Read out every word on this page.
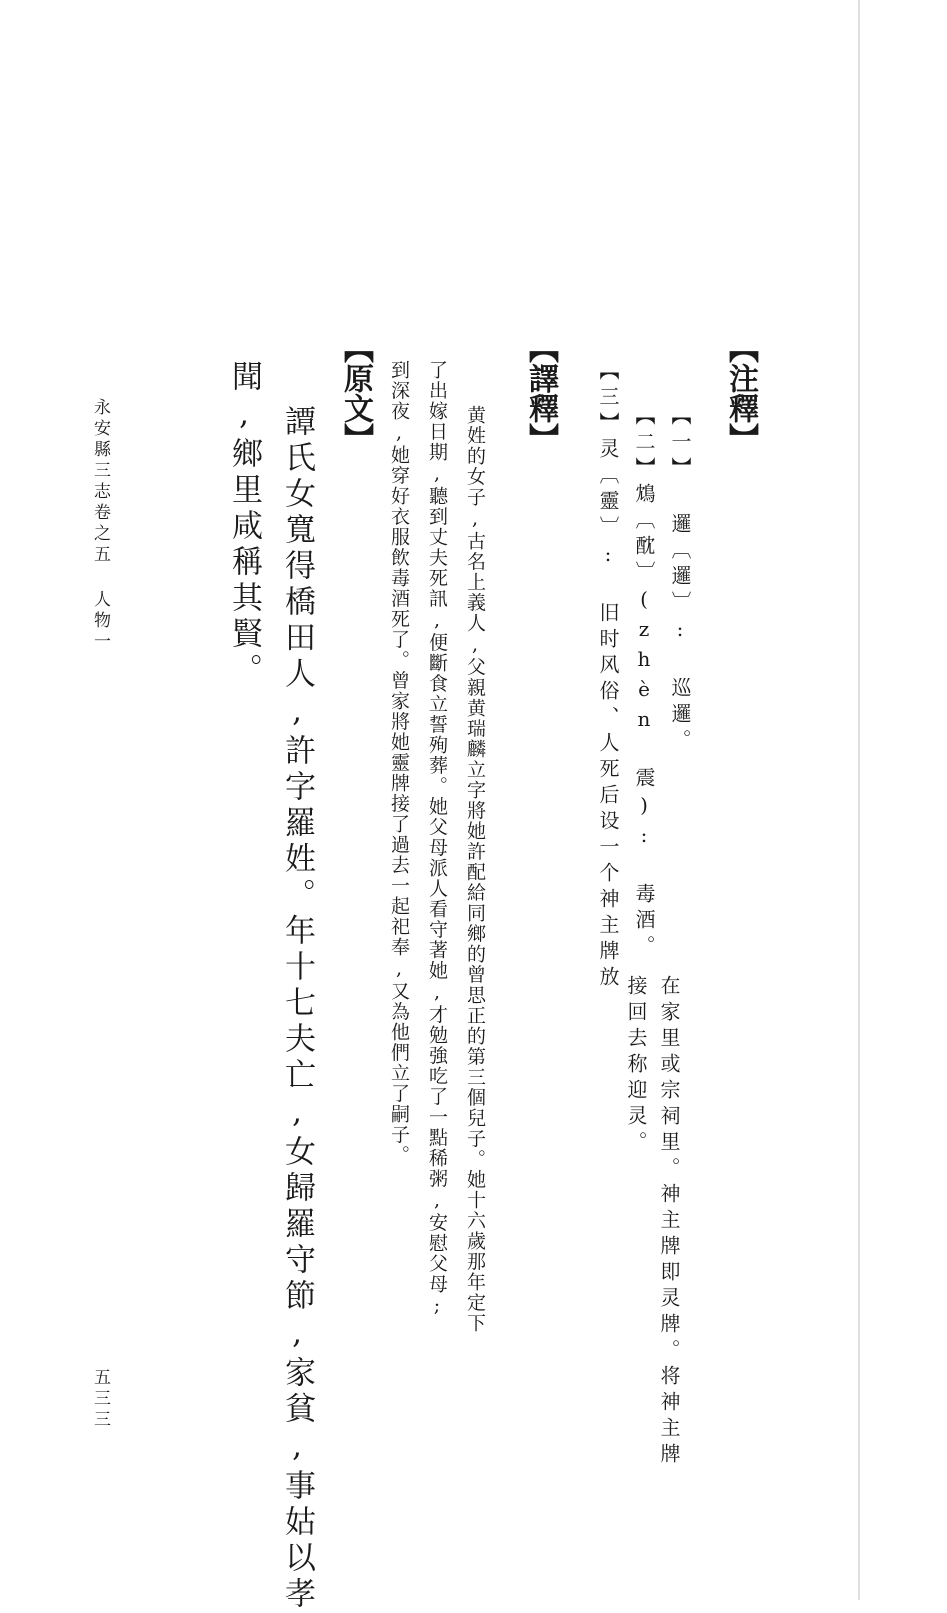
【注釋】
【一】 邏〔邏〕: 巡邏。
【二】鴆〔酖〕(zhèn 震): 毒酒。
【三】灵〔靈〕: 旧时风俗、人死后设一个神主牌放
在家里或宗祠里。神主牌即灵牌。将神主牌
接回去称迎灵。
【譯釋】
黄姓的女子,古名上義人,父親黄瑞麟立字將她許配給同鄉的曾思正的第三個兒子。她十六歲那年定下
了出嫁日期,聽到丈夫死訊,便斷食立誓殉葬。她父母派人看守著她,才勉強吃了一點稀粥,安慰父母;
到深夜,她穿好衣服飲毒酒死了。曾家將她靈牌接了過去一起祀奉,又為他們立了嗣子。
【原文】
譚氏女寬得橋田人,許字羅姓。年十七夫亡,女歸羅守節,家貧,事姑以孝
聞,鄉里咸稱其賢。
永安縣三志卷之五 人物一
五三三
